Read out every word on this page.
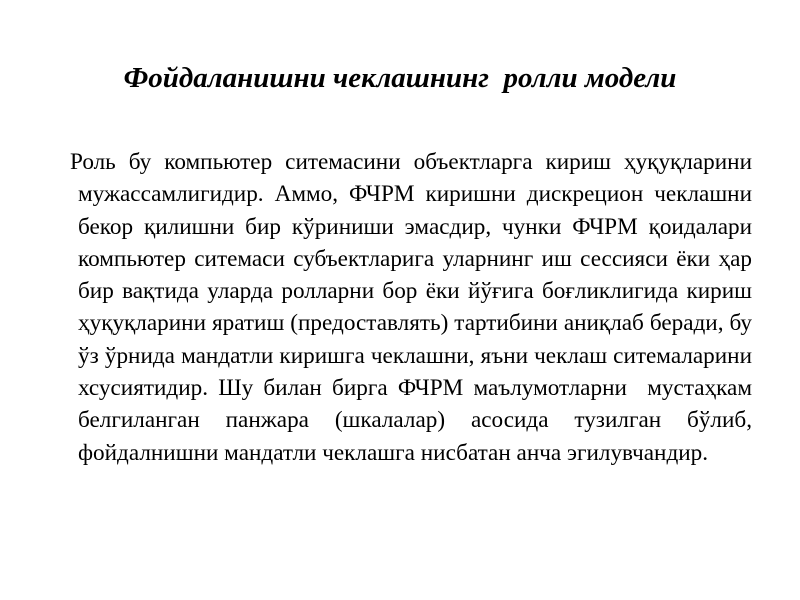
Фойдаланишни чеклашнинг  ролли модели
Роль бу компьютер ситемасини объектларга кириш ҳуқуқларини мужассамлигидир. Аммо, ФЧРМ киришни дискрецион чеклашни бекор қилишни бир кўриниши эмасдир, чунки ФЧРМ қоидалари компьютер ситемаси субъектларига уларнинг иш сессияси ёки ҳар бир вақтида уларда ролларни бор ёки йўғига боғликлигида кириш ҳуқуқларини яратиш (предоставлять) тартибини аниқлаб беради, бу ўз ўрнида мандатли киришга чеклашни, яъни чеклаш ситемаларини хсусиятидир. Шу билан бирга ФЧРМ маълумотларни  мустаҳкам белгиланган панжара (шкалалар) асосида тузилган бўлиб, фойдалнишни мандатли чеклашга нисбатан анча эгилувчандир.
